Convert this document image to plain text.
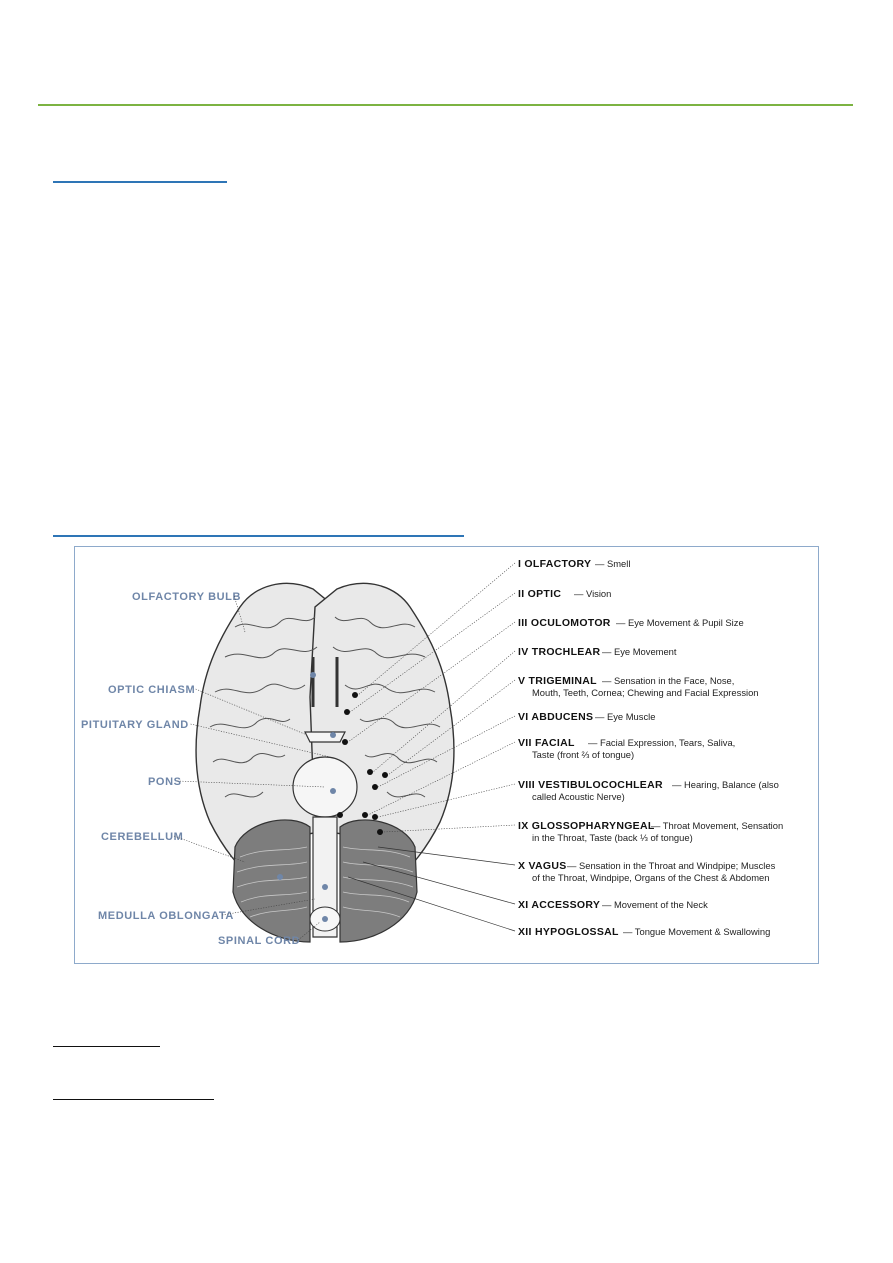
OLFACTORY BULB
OPTIC CHIASM
PITUITARY GLAND
PONS
CEREBELLUM
MEDULLA OBLONGATA
SPINAL CORD
I OLFACTORY — Smell
II OPTIC — Vision
III OCULOMOTOR — Eye Movement & Pupil Size
IV TROCHLEAR — Eye Movement
V TRIGEMINAL — Sensation in the Face, Nose,
Mouth, Teeth, Cornea; Chewing and Facial Expression
VI ABDUCENS — Eye Muscle
VII FACIAL — Facial Expression, Tears, Saliva,
Taste (front ⅔ of tongue)
VIII VESTIBULOCOCHLEAR — Hearing, Balance (also
called Acoustic Nerve)
IX GLOSSOPHARYNGEAL
— Throat Movement, Sensation
in the Throat, Taste (back ⅓ of tongue)
X VAGUS — Sensation in the Throat and Windpipe; Muscles
of the Throat, Windpipe, Organs of the Chest & Abdomen
XI ACCESSORY — Movement of the Neck
XII HYPOGLOSSAL — Tongue Movement & Swallowing
